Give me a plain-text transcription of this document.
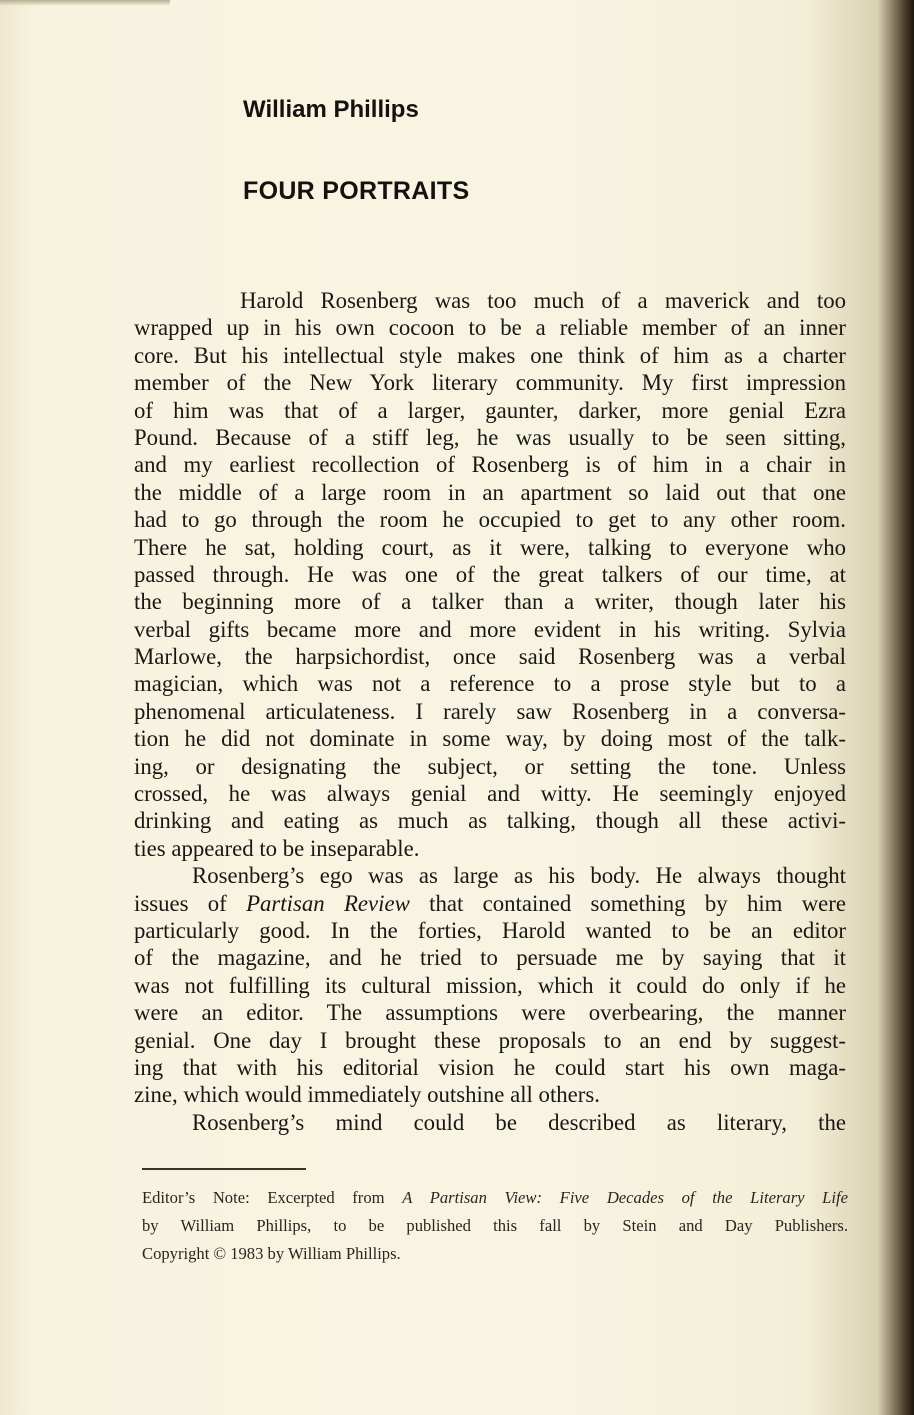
William Phillips
FOUR PORTRAITS
Harold Rosenberg was too much of a maverick and too
wrapped up in his own cocoon to be a reliable member of an inner
core. But his intellectual style makes one think of him as a charter
member of the New York literary community. My first impression
of him was that of a larger, gaunter, darker, more genial Ezra
Pound. Because of a stiff leg, he was usually to be seen sitting,
and my earliest recollection of Rosenberg is of him in a chair in
the middle of a large room in an apartment so laid out that one
had to go through the room he occupied to get to any other room.
There he sat, holding court, as it were, talking to everyone who
passed through. He was one of the great talkers of our time, at
the beginning more of a talker than a writer, though later his
verbal gifts became more and more evident in his writing. Sylvia
Marlowe, the harpsichordist, once said Rosenberg was a verbal
magician, which was not a reference to a prose style but to a
phenomenal articulateness. I rarely saw Rosenberg in a conversa-
tion he did not dominate in some way, by doing most of the talk-
ing, or designating the subject, or setting the tone. Unless
crossed, he was always genial and witty. He seemingly enjoyed
drinking and eating as much as talking, though all these activi-
ties appeared to be inseparable.
Rosenberg’s ego was as large as his body. He always thought
issues of Partisan Review that contained something by him were
particularly good. In the forties, Harold wanted to be an editor
of the magazine, and he tried to persuade me by saying that it
was not fulfilling its cultural mission, which it could do only if he
were an editor. The assumptions were overbearing, the manner
genial. One day I brought these proposals to an end by suggest-
ing that with his editorial vision he could start his own maga-
zine, which would immediately outshine all others.
Rosenberg’s mind could be described as literary, the
Editor’s Note: Excerpted from A Partisan View: Five Decades of the Literary Life
by William Phillips, to be published this fall by Stein and Day Publishers.
Copyright © 1983 by William Phillips.
